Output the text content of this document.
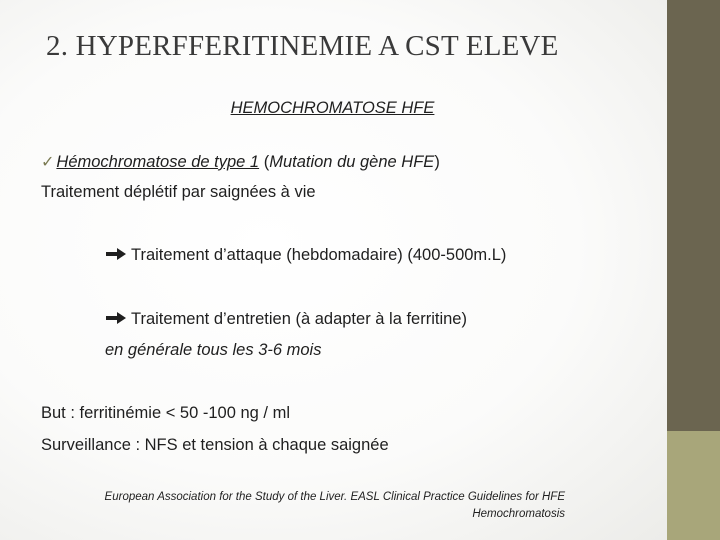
2. HYPERFFERITINEMIE A CST ELEVE
HEMOCHROMATOSE HFE
✓ Hémochromatose de type 1 (Mutation du gène HFE)
Traitement déplétif par saignées à vie
Traitement d’attaque (hebdomadaire) (400-500m.L)
Traitement d’entretien (à adapter à la ferritine)
en générale tous les 3-6 mois
But : ferritinémie < 50 -100 ng / ml
Surveillance : NFS et tension à chaque saignée
European Association for the Study of the Liver. EASL Clinical Practice Guidelines for HFE
Hemochromatosis
